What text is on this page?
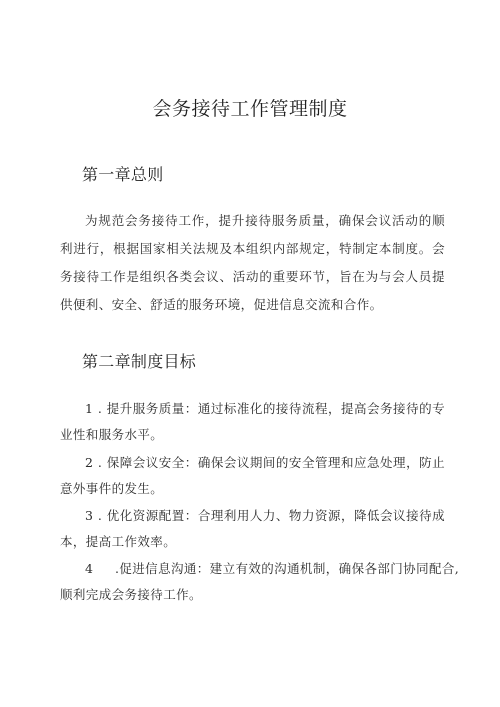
会务接待工作管理制度
第一章总则

为规范会务接待工作，提升接待服务质量，确保会议活动的顺利进行，根据国家相关法规及本组织内部规定，特制定本制度。会务接待工作是组织各类会议、活动的重要环节，旨在为与会人员提供便利、安全、舒适的服务环境，促进信息交流和合作。

第二章制度目标

1 . 提升服务质量：通过标准化的接待流程，提高会务接待的专业性和服务水平。

2 . 保障会议安全：确保会议期间的安全管理和应急处理，防止意外事件的发生。

3 . 优化资源配置：合理利用人力、物力资源，降低会议接待成本，提高工作效率。

4 .促进信息沟通：建立有效的沟通机制，确保各部门协同配合,
顺利完成会务接待工作。
